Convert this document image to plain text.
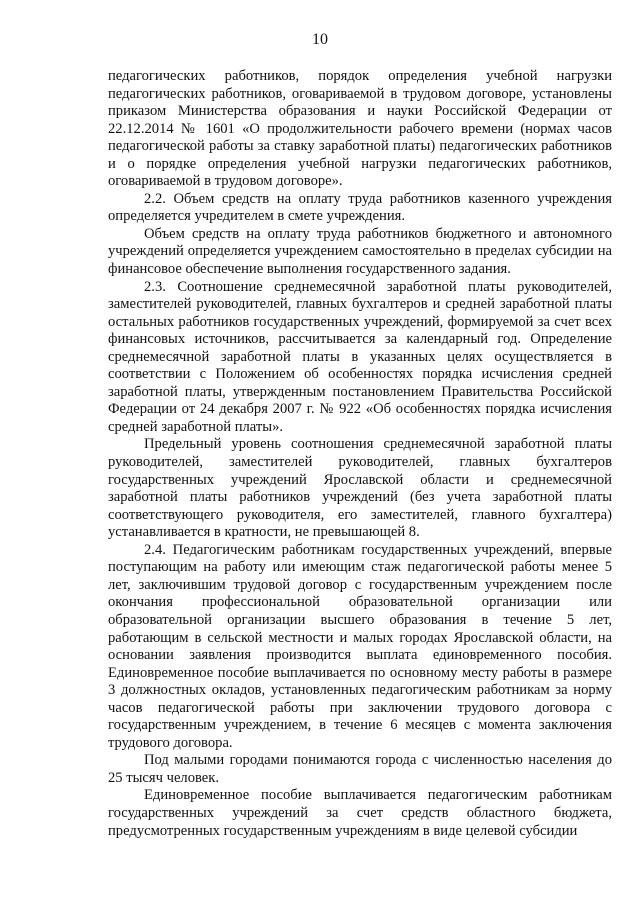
10

педагогических работников, порядок определения учебной нагрузки педагогических работников, оговариваемой в трудовом договоре, установлены приказом Министерства образования и науки Российской Федерации от 22.12.2014 № 1601 «О продолжительности рабочего времени (нормах часов педагогической работы за ставку заработной платы) педагогических работников и о порядке определения учебной нагрузки педагогических работников, оговариваемой в трудовом договоре».

2.2. Объем средств на оплату труда работников казенного учреждения определяется учредителем в смете учреждения.

Объем средств на оплату труда работников бюджетного и автономного учреждений определяется учреждением самостоятельно в пределах субсидии на финансовое обеспечение выполнения государственного задания.

2.3. Соотношение среднемесячной заработной платы руководителей, заместителей руководителей, главных бухгалтеров и средней заработной платы остальных работников государственных учреждений, формируемой за счет всех финансовых источников, рассчитывается за календарный год. Определение среднемесячной заработной платы в указанных целях осуществляется в соответствии с Положением об особенностях порядка исчисления средней заработной платы, утвержденным постановлением Правительства Российской Федерации от 24 декабря 2007 г. № 922 «Об особенностях порядка исчисления средней заработной платы».

Предельный уровень соотношения среднемесячной заработной платы руководителей, заместителей руководителей, главных бухгалтеров государственных учреждений Ярославской области и среднемесячной заработной платы работников учреждений (без учета заработной платы соответствующего руководителя, его заместителей, главного бухгалтера) устанавливается в кратности, не превышающей 8.

2.4. Педагогическим работникам государственных учреждений, впервые поступающим на работу или имеющим стаж педагогической работы менее 5 лет, заключившим трудовой договор с государственным учреждением после окончания профессиональной образовательной организации или образовательной организации высшего образования в течение 5 лет, работающим в сельской местности и малых городах Ярославской области, на основании заявления производится выплата единовременного пособия. Единовременное пособие выплачивается по основному месту работы в размере 3 должностных окладов, установленных педагогическим работникам за норму часов педагогической работы при заключении трудового договора с государственным учреждением, в течение 6 месяцев с момента заключения трудового договора.

Под малыми городами понимаются города с численностью населения до 25 тысяч человек.

Единовременное пособие выплачивается педагогическим работникам государственных учреждений за счет средств областного бюджета, предусмотренных государственным учреждениям в виде целевой субсидии
